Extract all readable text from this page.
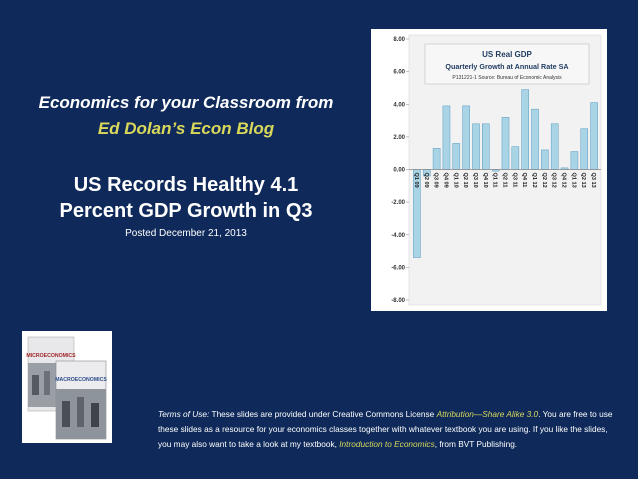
Economics for your Classroom from
Ed Dolan’s Econ Blog
US Records Healthy 4.1
Percent GDP Growth in Q3
Posted December 21, 2013
8.00
6.00
4.00
2.00
0.00
-2.00
-4.00
-6.00
-8.00
Q1 09 Q2 09 Q3 09 Q4 09 Q1 10 Q2 10 Q3 10 Q4 10 Q1 11 Q2 11 Q3 11 Q4 11 Q1 12 Q2 12 Q3 12 Q4 12 Q1 13 Q2 13 Q3 13
US Real GDP
Quarterly Growth at Annual Rate SA
P131221-1 Source: Bureau of Economic Analysis
MICROECONOMICS
MACROECONOMICS
Terms of Use: These slides are provided under Creative Commons License Attribution—Share Alike 3.0. You are free to use these slides as a resource for your economics classes together with whatever textbook you are using. If you like the slides, you may also want to take a look at my textbook, Introduction to Economics, from BVT Publishing.
